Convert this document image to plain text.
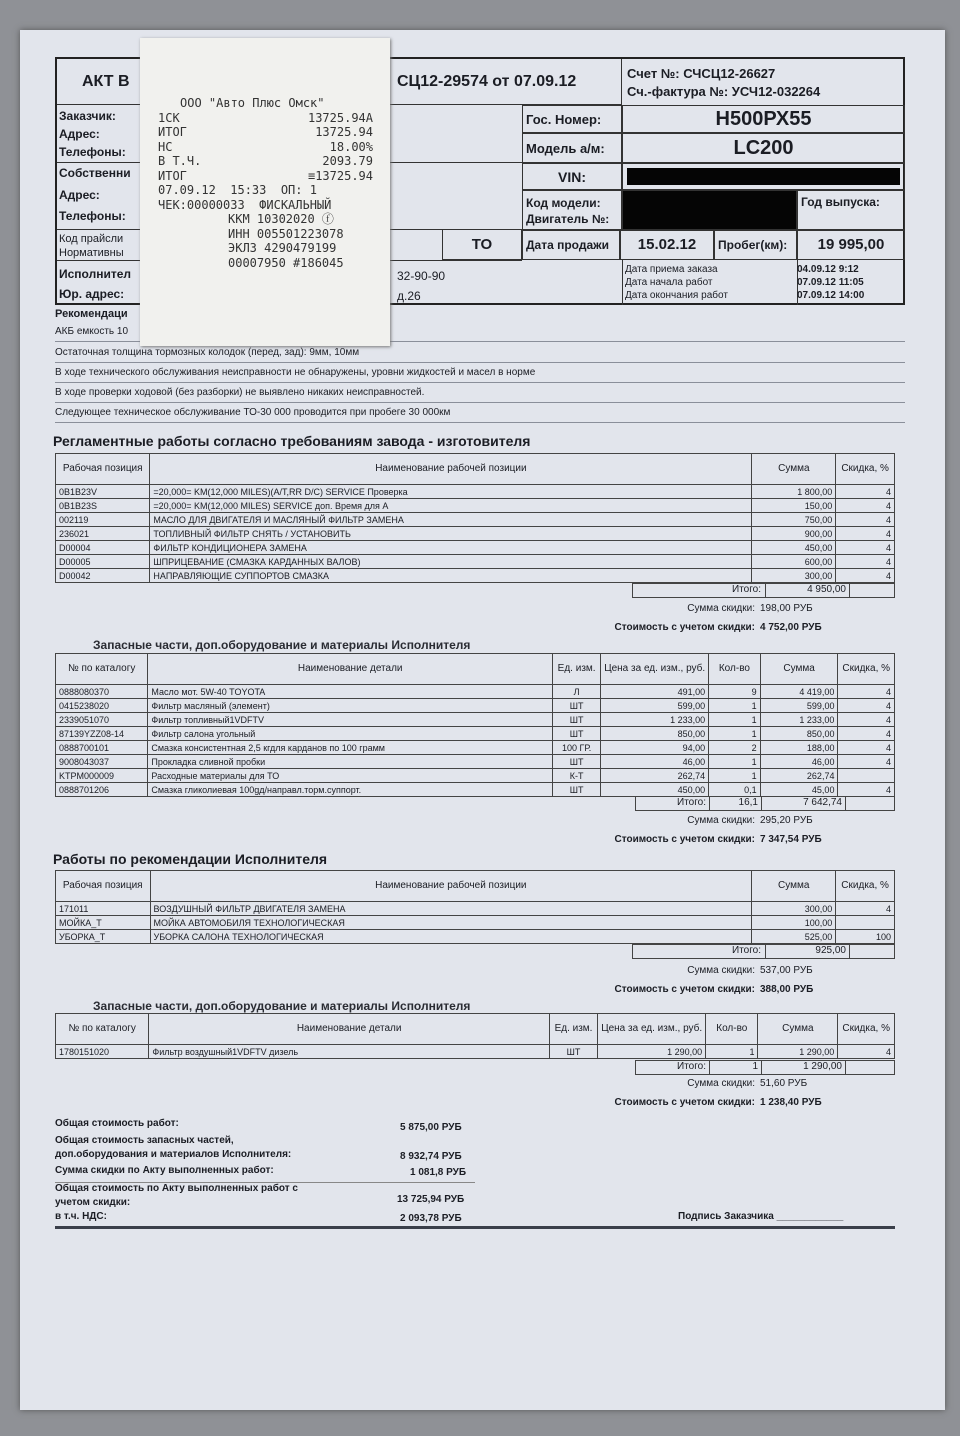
АКТ В	СЦ12-29574 от 07.09.12	Счет №: СЧСЦ12-26627
Сч.-фактура №: УСЧ12-032264
Заказчик:
Адрес:
Телефоны:
Собственни
Адрес:
Телефоны:
Код прайсли
Нормативны	ТО
Исполнител
Юр. адрес:
32-90-90
д.26
Гос. Номер:	Н500РХ55
Модель а/м:	LC200
VIN:
Код модели:
Двигатель №:
Год выпуска:
Дата продажи	15.02.12	Пробег(км):	19 995,00
Дата приема заказа	04.09.12 9:12
Дата начала работ	07.09.12 11:05
Дата окончания работ	07.09.12 14:00
Рекомендаци
АКБ емкость 10
Остаточная толщина тормозных колодок (перед, зад): 9мм, 10мм
В ходе технического обслуживания неисправности не обнаружены, уровни жидкостей и масел в норме
В ходе проверки ходовой (без разборки) не выявлено никаких неисправностей.
Следующее техническое обслуживание ТО-30 000 проводится при пробеге 30 000км
ООО "Авто Плюс Омск"
1СК	13725.94А
ИТОГ	13725.94
НС	18.00%
В Т.Ч.	2093.79
ИТОГ	≡13725.94
07.09.12  15:33  ОП: 1
ЧЕК:00000033  ФИСКАЛЬНЫЙ
ККМ 10302020 ⓕ
ИНН 005501223078
ЭКЛЗ 4290479199
00007950 #186045
Регламентные работы согласно требованиям завода - изготовителя
Рабочая позиция	Наименование рабочей позиции	Сумма	Скидка, %
0B1B23V	=20,000= KM(12,000 MILES)(A/T,RR D/C) SERVICE Проверка	1 800,00	4
0B1B23S	=20,000= KM(12,000 MILES) SERVICE доп. Время для А	150,00	4
002119	МАСЛО ДЛЯ ДВИГАТЕЛЯ И МАСЛЯНЫЙ ФИЛЬТР ЗАМЕНА	750,00	4
236021	ТОПЛИВНЫЙ ФИЛЬТР СНЯТЬ / УСТАНОВИТЬ	900,00	4
D00004	ФИЛЬТР КОНДИЦИОНЕРА ЗАМЕНА	450,00	4
D00005	ШПРИЦЕВАНИЕ (СМАЗКА КАРДАННЫХ ВАЛОВ)	600,00	4
D00042	НАПРАВЛЯЮЩИЕ СУППОРТОВ СМАЗКА	300,00	4
Итого:	4 950,00
Сумма скидки: 198,00 РУБ
Стоимость с учетом скидки: 4 752,00 РУБ
Запасные части, доп.оборудование и материалы Исполнителя
№ по каталогу	Наименование детали	Ед. изм.	Цена за ед. изм., руб.	Кол-во	Сумма	Скидка, %
0888080370	Масло мот. 5W-40 TOYOTA	Л	491,00	9	4 419,00	4
0415238020	Фильтр масляный (элемент)	ШТ	599,00	1	599,00	4
2339051070	Фильтр топливный1VDFTV	ШТ	1 233,00	1	1 233,00	4
87139YZZ08-14	Фильтр салона угольный	ШТ	850,00	1	850,00	4
0888700101	Смазка консистентная 2,5 кгдля карданов по 100 грамм	100 ГР.	94,00	2	188,00	4
9008043037	Прокладка сливной пробки	ШТ	46,00	1	46,00	4
KTPM000009	Расходные материалы для ТО	К-Т	262,74	1	262,74	
0888701206	Смазка гликолиевая 100gд/направл.торм.суппорт.	ШТ	450,00	0,1	45,00	4
Итого:	16,1	7 642,74
Сумма скидки: 295,20 РУБ
Стоимость с учетом скидки: 7 347,54 РУБ
Работы по рекомендации Исполнителя
Рабочая позиция	Наименование рабочей позиции	Сумма	Скидка, %
171011	ВОЗДУШНЫЙ ФИЛЬТР ДВИГАТЕЛЯ ЗАМЕНА	300,00	4
МОЙКА_Т	МОЙКА АВТОМОБИЛЯ ТЕХНОЛОГИЧЕСКАЯ	100,00	
УБОРКА_Т	УБОРКА САЛОНА ТЕХНОЛОГИЧЕСКАЯ	525,00	100
Итого:	925,00
Сумма скидки: 537,00 РУБ
Стоимость с учетом скидки: 388,00 РУБ
Запасные части, доп.оборудование и материалы Исполнителя
№ по каталогу	Наименование детали	Ед. изм.	Цена за ед. изм., руб.	Кол-во	Сумма	Скидка, %
1780151020	Фильтр воздушный1VDFTV дизель	ШТ	1 290,00	1	1 290,00	4
Итого:	1	1 290,00
Сумма скидки: 51,60 РУБ
Стоимость с учетом скидки: 1 238,40 РУБ
Общая стоимость работ:	5 875,00 РУБ
Общая стоимость запасных частей,
доп.оборудования и материалов Исполнителя:	8 932,74 РУБ
Сумма скидки по Акту выполненных работ:	1 081,8 РУБ
Общая стоимость по Акту выполненных работ с
учетом скидки:	13 725,94 РУБ
в т.ч. НДС:	2 093,78 РУБ	Подпись Заказчика ____________
